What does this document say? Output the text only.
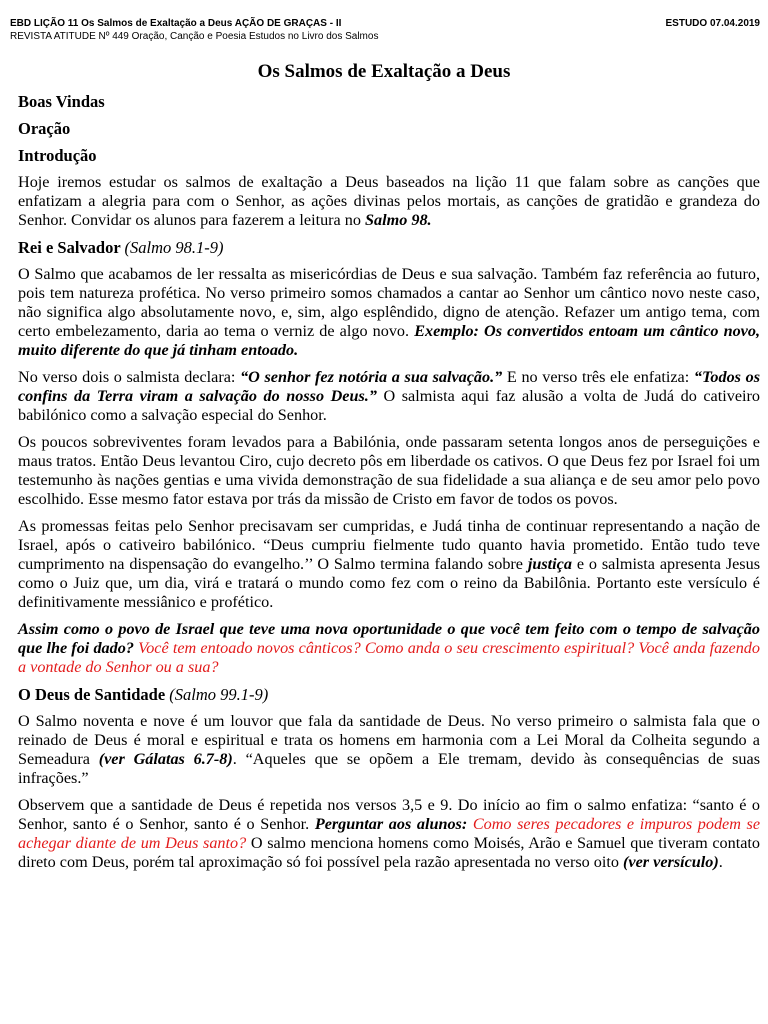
EBD LIÇÃO 11 Os Salmos de Exaltação a Deus AÇÃO DE GRAÇAS - II
REVISTA ATITUDE Nº 449 Oração, Canção e Poesia Estudos no Livro dos Salmos
ESTUDO 07.04.2019
Os Salmos de Exaltação a Deus
Boas Vindas
Oração
Introdução

Hoje iremos estudar os salmos de exaltação a Deus baseados na lição 11 que falam sobre as canções que enfatizam a alegria para com o Senhor, as ações divinas pelos mortais, as canções de gratidão e grandeza do Senhor. Convidar os alunos para fazerem a leitura no Salmo 98.

Rei e Salvador (Salmo 98.1-9)

O Salmo que acabamos de ler ressalta as misericórdias de Deus e sua salvação. Também faz referência ao futuro, pois tem natureza profética. No verso primeiro somos chamados a cantar ao Senhor um cântico novo neste caso, não significa algo absolutamente novo, e, sim, algo esplêndido, digno de atenção. Refazer um antigo tema, com certo embelezamento, daria ao tema o verniz de algo novo. Exemplo: Os convertidos entoam um cântico novo, muito diferente do que já tinham entoado.

No verso dois o salmista declara: “O senhor fez notória a sua salvação.” E no verso três ele enfatiza: “Todos os confins da Terra viram a salvação do nosso Deus.” O salmista aqui faz alusão a volta de Judá do cativeiro babilónico como a salvação especial do Senhor.

Os poucos sobreviventes foram levados para a Babilónia, onde passaram setenta longos anos de perseguições e maus tratos. Então Deus levantou Ciro, cujo decreto pôs em liberdade os cativos. O que Deus fez por Israel foi um testemunho às nações gentias e uma vivida demonstração de sua fidelidade a sua aliança e de seu amor pelo povo escolhido. Esse mesmo fator estava por trás da missão de Cristo em favor de todos os povos.

As promessas feitas pelo Senhor precisavam ser cumpridas, e Judá tinha de continuar representando a nação de Israel, após o cativeiro babilónico. “Deus cumpriu fielmente tudo quanto havia prometido. Então tudo teve cumprimento na dispensação do evangelho.’’ O Salmo termina falando sobre justiça e o salmista apresenta Jesus como o Juiz que, um dia, virá e tratará o mundo como fez com o reino da Babilônia. Portanto este versículo é definitivamente messiânico e profético.

Assim como o povo de Israel que teve uma nova oportunidade o que você tem feito com o tempo de salvação que lhe foi dado? Você tem entoado novos cânticos? Como anda o seu crescimento espiritual? Você anda fazendo a vontade do Senhor ou a sua?

O Deus de Santidade (Salmo 99.1-9)

O Salmo noventa e nove é um louvor que fala da santidade de Deus. No verso primeiro o salmista fala que o reinado de Deus é moral e espiritual e trata os homens em harmonia com a Lei Moral da Colheita segundo a Semeadura (ver Gálatas 6.7-8). “Aqueles que se opõem a Ele tremam, devido às consequências de suas infrações.”

Observem que a santidade de Deus é repetida nos versos 3,5 e 9. Do início ao fim o salmo enfatiza: “santo é o Senhor, santo é o Senhor, santo é o Senhor. Perguntar aos alunos: Como seres pecadores e impuros podem se achegar diante de um Deus santo? O salmo menciona homens como Moisés, Arão e Samuel que tiveram contato direto com Deus, porém tal aproximação só foi possível pela razão apresentada no verso oito (ver versículo).
